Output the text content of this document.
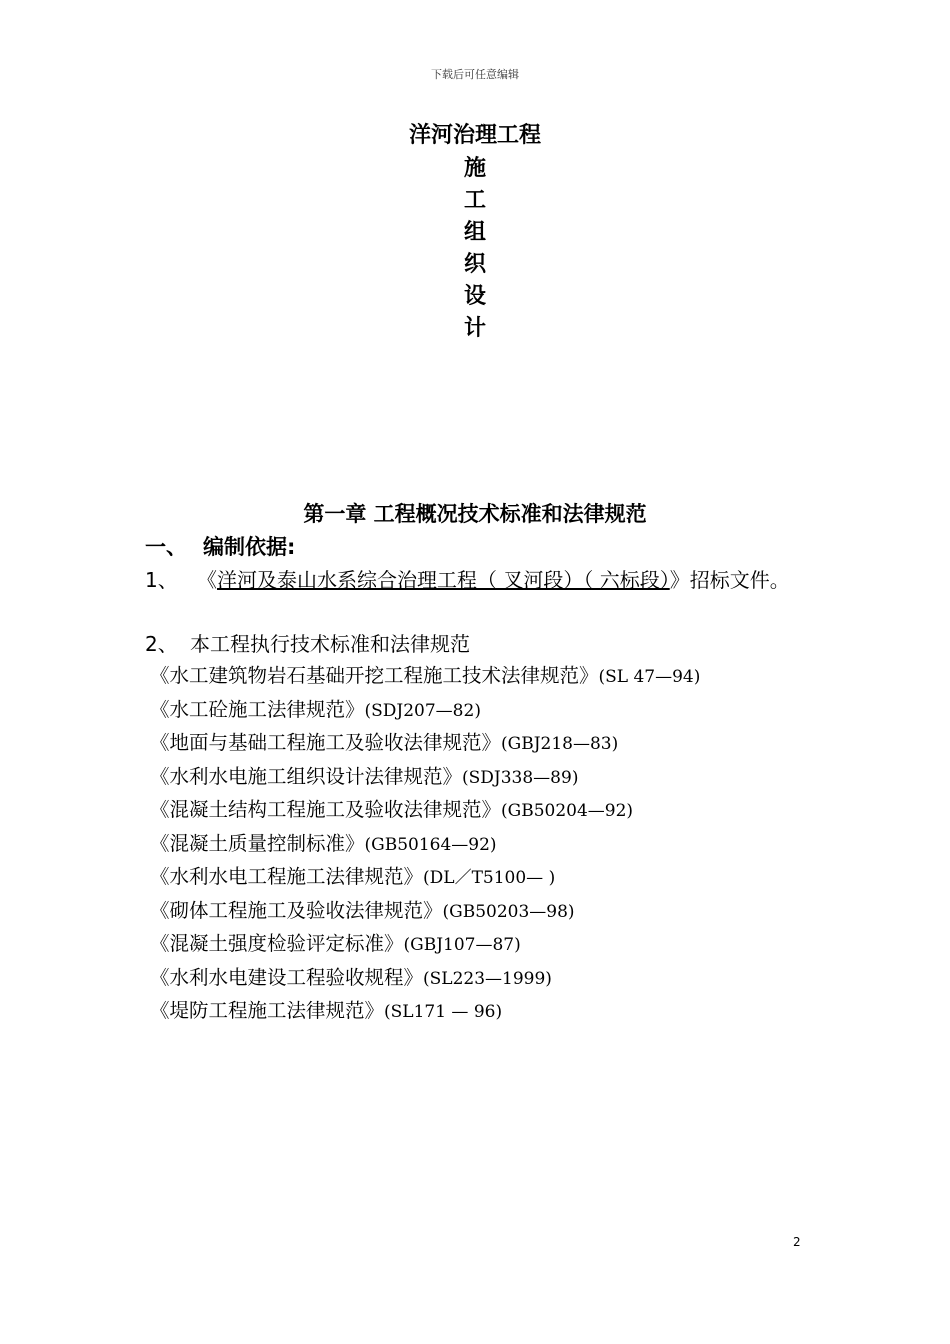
下载后可任意编辑
洋河治理工程
施
工
组
织
设
计
第一章 工程概况技术标准和法律规范
一、 编制依据:
1、 《洋河及泰山水系综合治理工程（ 叉河段）（ 六标段）》招标文件。
2、 本工程执行技术标准和法律规范
《水工建筑物岩石基础开挖工程施工技术法律规范》(SL 47—94)
《水工砼施工法律规范》(SDJ207—82)
《地面与基础工程施工及验收法律规范》(GBJ218—83)
《水利水电施工组织设计法律规范》(SDJ338—89)
《混凝土结构工程施工及验收法律规范》(GB50204—92)
《混凝土质量控制标准》(GB50164—92)
《水利水电工程施工法律规范》(DL／T5100— )
《砌体工程施工及验收法律规范》(GB50203—98)
《混凝土强度检验评定标准》(GBJ107—87)
《水利水电建设工程验收规程》(SL223—1999)
《堤防工程施工法律规范》(SL171 — 96)
2
